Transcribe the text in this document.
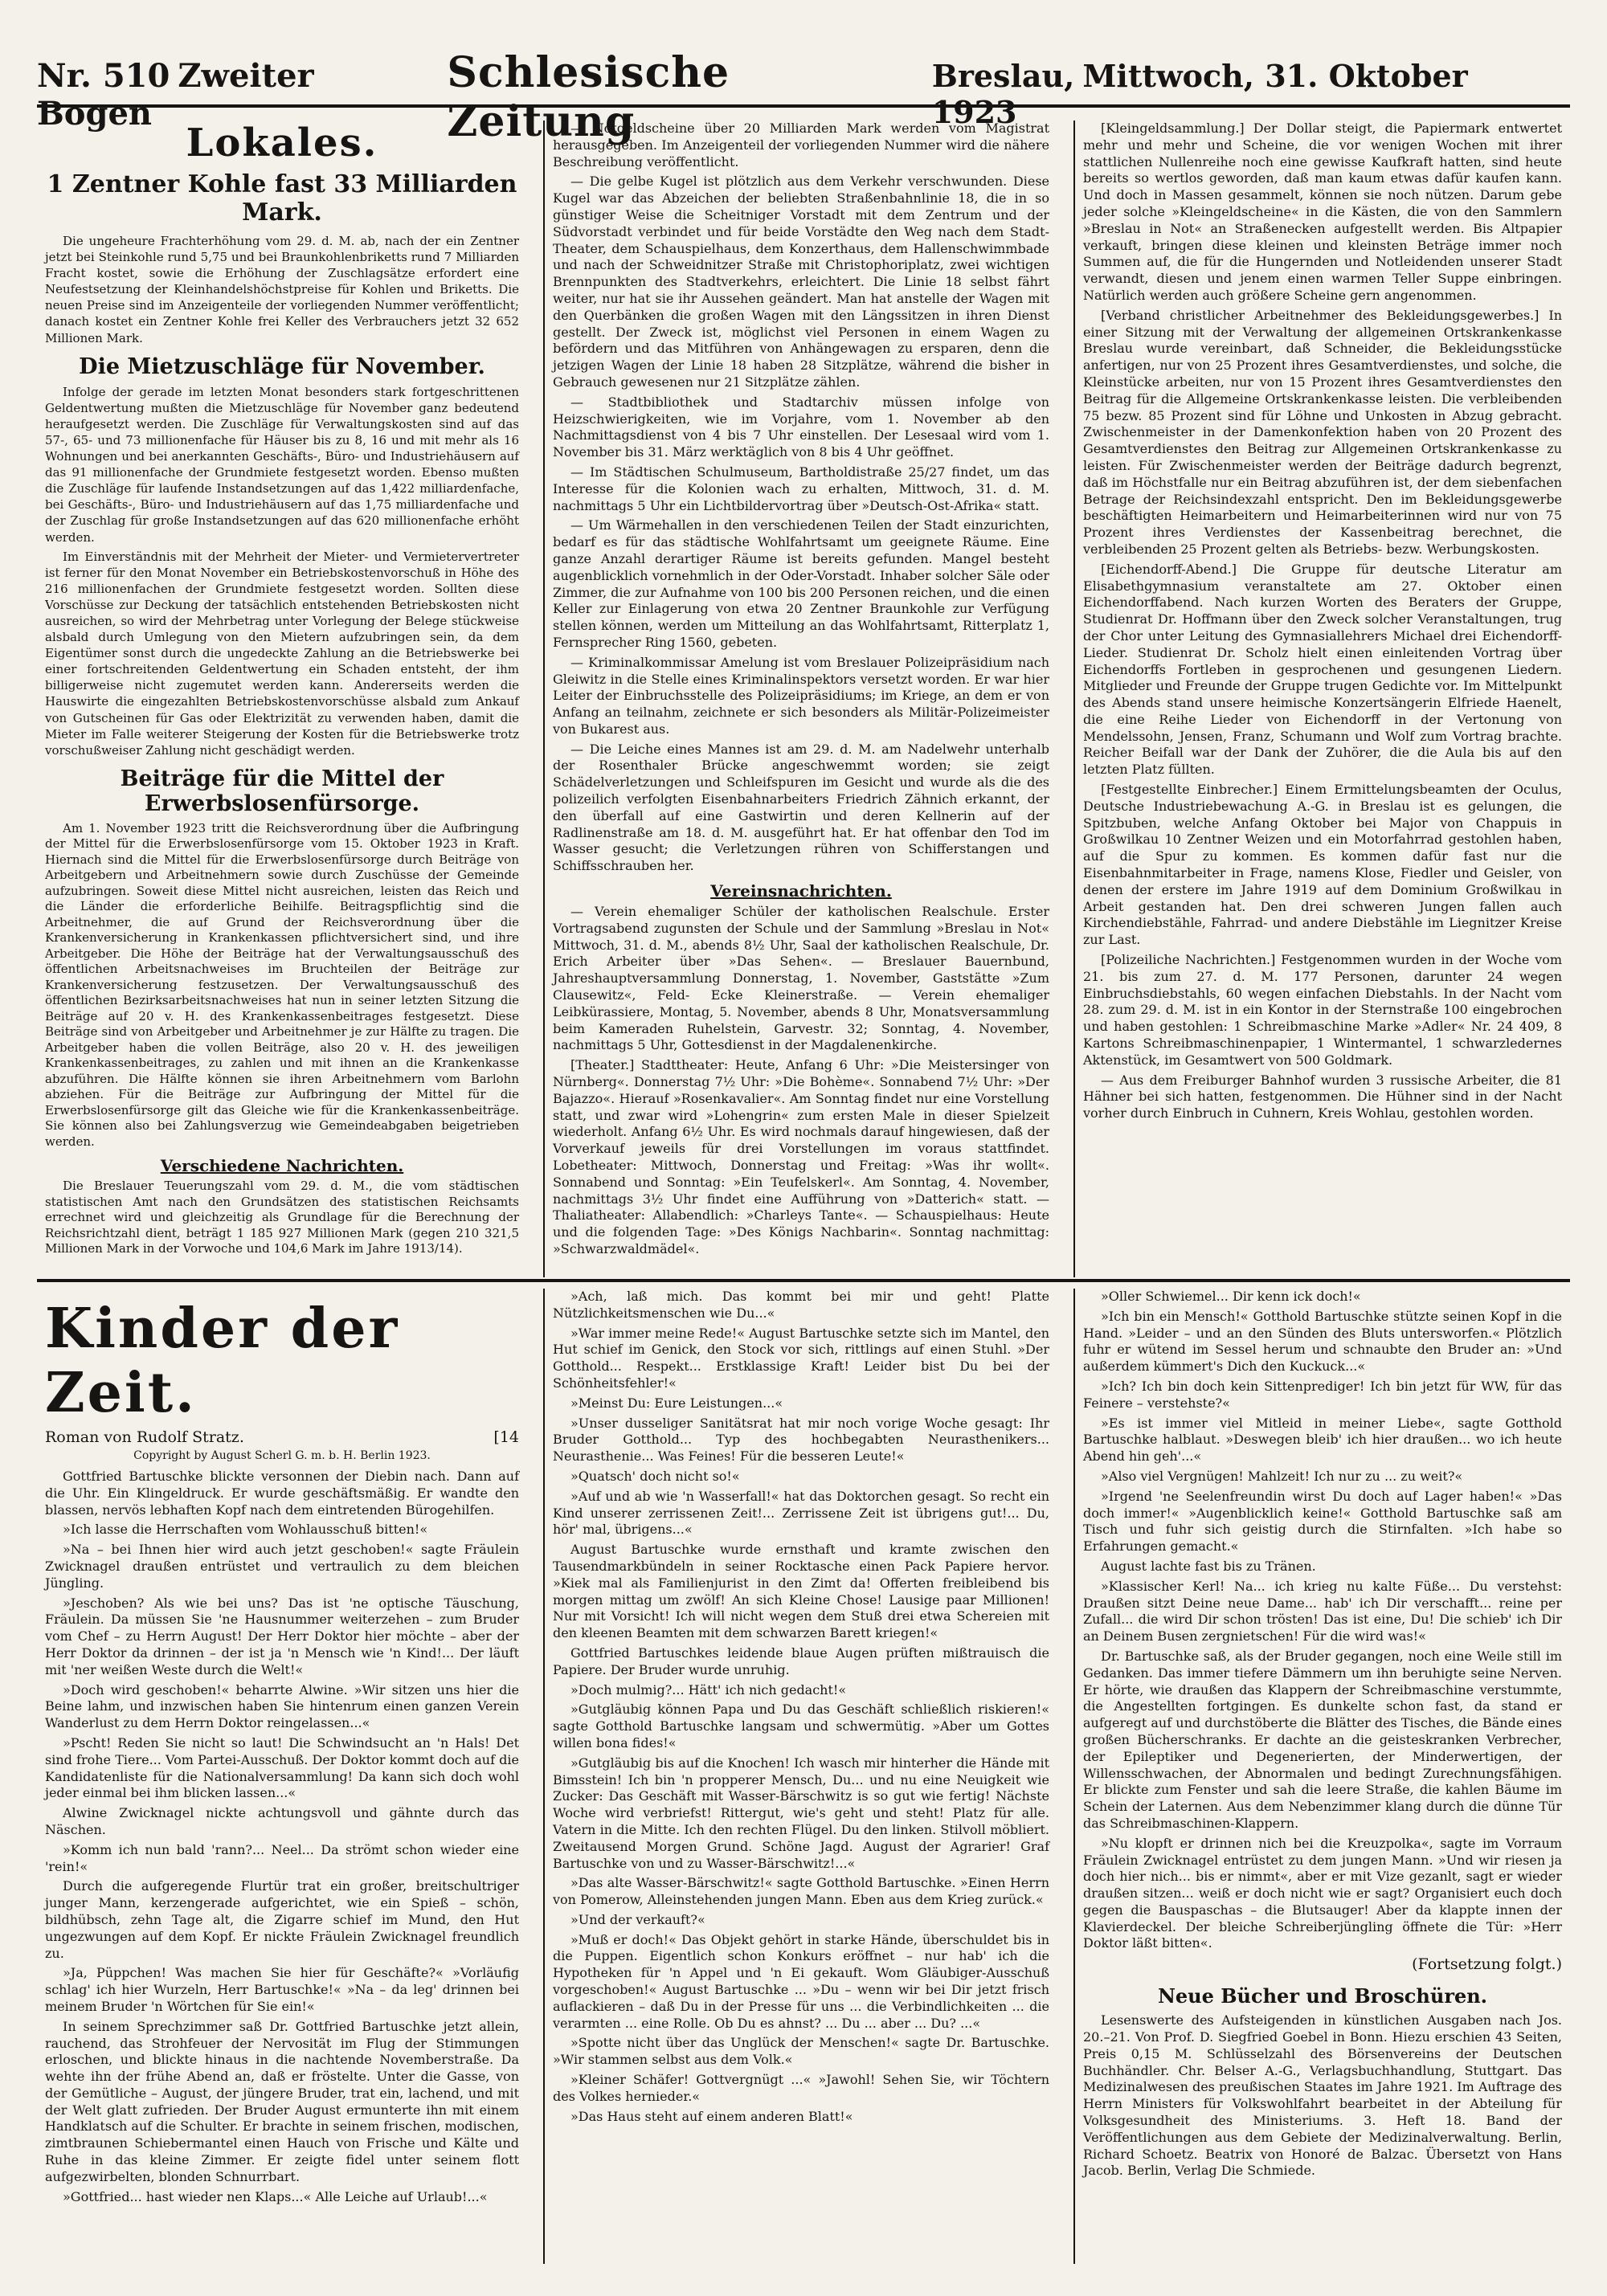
Nr. 510 Zweiter Bogen
Schlesische Zeitung
Breslau, Mittwoch, 31. Oktober 1923
Lokales.
1 Zentner Kohle fast 33 Milliarden Mark.

Die ungeheure Frachterhöhung vom 29. d. M. ab, nach der ein Zentner jetzt bei Steinkohle rund 5,75 und bei Braunkohlenbriketts rund 7 Milliarden Fracht kostet, sowie die Erhöhung der Zuschlagsätze erfordert eine Neufestsetzung der Kleinhandelshöchstpreise für Kohlen und Briketts. Die neuen Preise sind im Anzeigenteile der vorliegenden Nummer veröffentlicht; danach kostet ein Zentner Kohle frei Keller des Verbrauchers jetzt 32 652 Millionen Mark.

Die Mietzuschläge für November.

Infolge der gerade im letzten Monat besonders stark fortgeschrittenen Geldentwertung mußten die Mietzuschläge für November ganz bedeutend heraufgesetzt werden. Die Zuschläge für Verwaltungskosten sind auf das 57-, 65- und 73 millionenfache für Häuser bis zu 8, 16 und mit mehr als 16 Wohnungen und bei anerkannten Geschäfts-, Büro- und Industriehäusern auf das 91 millionenfache der Grundmiete festgesetzt worden. Ebenso mußten die Zuschläge für laufende Instandsetzungen auf das 1,422 milliardenfache, bei Geschäfts-, Büro- und Industriehäusern auf das 1,75 milliardenfache und der Zuschlag für große Instandsetzungen auf das 620 millionenfache erhöht werden.

Im Einverständnis mit der Mehrheit der Mieter- und Vermietervertreter ist ferner für den Monat November ein Betriebskostenvorschuß in Höhe des 216 millionenfachen der Grundmiete festgesetzt worden. Sollten diese Vorschüsse zur Deckung der tatsächlich entstehenden Betriebskosten nicht ausreichen, so wird der Mehrbetrag unter Vorlegung der Belege stückweise alsbald durch Umlegung von den Mietern aufzubringen sein, da dem Eigentümer sonst durch die ungedeckte Zahlung an die Betriebswerke bei einer fortschreitenden Geldentwertung ein Schaden entsteht, der ihm billigerweise nicht zugemutet werden kann. Andererseits werden die Hauswirte die eingezahlten Betriebskostenvorschüsse alsbald zum Ankauf von Gutscheinen für Gas oder Elektrizität zu verwenden haben, damit die Mieter im Falle weiterer Steigerung der Kosten für die Betriebswerke trotz vorschußweiser Zahlung nicht geschädigt werden.

Beiträge für die Mittel der Erwerbslosenfürsorge.

Am 1. November 1923 tritt die Reichsverordnung über die Aufbringung der Mittel für die Erwerbslosenfürsorge vom 15. Oktober 1923 in Kraft. Hiernach sind die Mittel für die Erwerbslosenfürsorge durch Beiträge von Arbeitgebern und Arbeitnehmern sowie durch Zuschüsse der Gemeinde aufzubringen. Soweit diese Mittel nicht ausreichen, leisten das Reich und die Länder die erforderliche Beihilfe. Beitragspflichtig sind die Arbeitnehmer, die auf Grund der Reichsverordnung über die Krankenversicherung in Krankenkassen pflichtversichert sind, und ihre Arbeitgeber. Die Höhe der Beiträge hat der Verwaltungsausschuß des öffentlichen Arbeitsnachweises im Bruchteilen der Beiträge zur Krankenversicherung festzusetzen. Der Verwaltungsausschuß des öffentlichen Bezirksarbeitsnachweises hat nun in seiner letzten Sitzung die Beiträge auf 20 v. H. des Krankenkassenbeitrages festgesetzt. Diese Beiträge sind von Arbeitgeber und Arbeitnehmer je zur Hälfte zu tragen. Die Arbeitgeber haben die vollen Beiträge, also 20 v. H. des jeweiligen Krankenkassenbeitrages, zu zahlen und mit ihnen an die Krankenkasse abzuführen. Die Hälfte können sie ihren Arbeitnehmern vom Barlohn abziehen. Für die Beiträge zur Aufbringung der Mittel für die Erwerbslosenfürsorge gilt das Gleiche wie für die Krankenkassenbeiträge. Sie können also bei Zahlungsverzug wie Gemeindeabgaben beigetrieben werden.

Verschiedene Nachrichten.

Die Breslauer Teuerungszahl vom 29. d. M., die vom städtischen statistischen Amt nach den Grundsätzen des statistischen Reichsamts errechnet wird und gleichzeitig als Grundlage für die Berechnung der Reichsrichtzahl dient, beträgt 1 185 927 Millionen Mark (gegen 210 321,5 Millionen Mark in der Vorwoche und 104,6 Mark im Jahre 1913/14).

— Notgeldscheine über 20 Milliarden Mark werden vom Magistrat herausgegeben. Im Anzeigenteil der vorliegenden Nummer wird die nähere Beschreibung veröffentlicht.

— Die gelbe Kugel ist plötzlich aus dem Verkehr verschwunden. Diese Kugel war das Abzeichen der beliebten Straßenbahnlinie 18, die in so günstiger Weise die Scheitniger Vorstadt mit dem Zentrum und der Südvorstadt verbindet und für beide Vorstädte den Weg nach dem Stadt-Theater, dem Schauspielhaus, dem Konzerthaus, dem Hallenschwimmbade und nach der Schweidnitzer Straße mit Christophoriplatz, zwei wichtigen Brennpunkten des Stadtverkehrs, erleichtert. Die Linie 18 selbst fährt weiter, nur hat sie ihr Aussehen geändert. Man hat anstelle der Wagen mit den Querbänken die großen Wagen mit den Längssitzen in ihren Dienst gestellt. Der Zweck ist, möglichst viel Personen in einem Wagen zu befördern und das Mitführen von Anhängewagen zu ersparen, denn die jetzigen Wagen der Linie 18 haben 28 Sitzplätze, während die bisher in Gebrauch gewesenen nur 21 Sitzplätze zählen.

— Stadtbibliothek und Stadtarchiv müssen infolge von Heizschwierigkeiten, wie im Vorjahre, vom 1. November ab den Nachmittagsdienst von 4 bis 7 Uhr einstellen. Der Lesesaal wird vom 1. November bis 31. März werktäglich von 8 bis 4 Uhr geöffnet.

— Im Städtischen Schulmuseum, Bartholdistraße 25/27 findet, um das Interesse für die Kolonien wach zu erhalten, Mittwoch, 31. d. M. nachmittags 5 Uhr ein Lichtbildervortrag über »Deutsch-Ost-Afrika« statt.

— Um Wärmehallen in den verschiedenen Teilen der Stadt einzurichten, bedarf es für das städtische Wohlfahrtsamt um geeignete Räume. Eine ganze Anzahl derartiger Räume ist bereits gefunden. Mangel besteht augenblicklich vornehmlich in der Oder-Vorstadt. Inhaber solcher Säle oder Zimmer, die zur Aufnahme von 100 bis 200 Personen reichen, und die einen Keller zur Einlagerung von etwa 20 Zentner Braunkohle zur Verfügung stellen können, werden um Mitteilung an das Wohlfahrtsamt, Ritterplatz 1, Fernsprecher Ring 1560, gebeten.

— Kriminalkommissar Amelung ist vom Breslauer Polizeipräsidium nach Gleiwitz in die Stelle eines Kriminalinspektors versetzt worden. Er war hier Leiter der Einbruchsstelle des Polizeipräsidiums; im Kriege, an dem er von Anfang an teilnahm, zeichnete er sich besonders als Militär-Polizeimeister von Bukarest aus.

— Die Leiche eines Mannes ist am 29. d. M. am Nadelwehr unterhalb der Rosenthaler Brücke angeschwemmt worden; sie zeigt Schädelverletzungen und Schleifspuren im Gesicht und wurde als die des polizeilich verfolgten Eisenbahnarbeiters Friedrich Zähnich erkannt, der den überfall auf eine Gastwirtin und deren Kellnerin auf der Radlinenstraße am 18. d. M. ausgeführt hat. Er hat offenbar den Tod im Wasser gesucht; die Verletzungen rühren von Schifferstangen und Schiffsschrauben her.

Vereinsnachrichten.

— Verein ehemaliger Schüler der katholischen Realschule. Erster Vortragsabend zugunsten der Schule und der Sammlung »Breslau in Not« Mittwoch, 31. d. M., abends 8½ Uhr, Saal der katholischen Realschule, Dr. Erich Arbeiter über »Das Sehen«. — Breslauer Bauernbund, Jahreshauptversammlung Donnerstag, 1. November, Gaststätte »Zum Clausewitz«, Feld- Ecke Kleinerstraße. — Verein ehemaliger Leibkürassiere, Montag, 5. November, abends 8 Uhr, Monatsversammlung beim Kameraden Ruhelstein, Garvestr. 32; Sonntag, 4. November, nachmittags 5 Uhr, Gottesdienst in der Magdalenenkirche.

[Theater.] Stadttheater: Heute, Anfang 6 Uhr: »Die Meistersinger von Nürnberg«. Donnerstag 7½ Uhr: »Die Bohème«. Sonnabend 7½ Uhr: »Der Bajazzo«. Hierauf »Rosenkavalier«. Am Sonntag findet nur eine Vorstellung statt, und zwar wird »Lohengrin« zum ersten Male in dieser Spielzeit wiederholt. Anfang 6½ Uhr. Es wird nochmals darauf hingewiesen, daß der Vorverkauf jeweils für drei Vorstellungen im voraus stattfindet. Lobetheater: Mittwoch, Donnerstag und Freitag: »Was ihr wollt«. Sonnabend und Sonntag: »Ein Teufelskerl«. Am Sonntag, 4. November, nachmittags 3½ Uhr findet eine Aufführung von »Datterich« statt. — Thaliatheater: Allabendlich: »Charleys Tante«. — Schauspielhaus: Heute und die folgenden Tage: »Des Königs Nachbarin«. Sonntag nachmittag: »Schwarzwaldmädel«.

[Kleingeldsammlung.] Der Dollar steigt, die Papiermark entwertet mehr und mehr und Scheine, die vor wenigen Wochen mit ihrer stattlichen Nullenreihe noch eine gewisse Kaufkraft hatten, sind heute bereits so wertlos geworden, daß man kaum etwas dafür kaufen kann. Und doch in Massen gesammelt, können sie noch nützen. Darum gebe jeder solche »Kleingeldscheine« in die Kästen, die von den Sammlern »Breslau in Not« an Straßenecken aufgestellt werden. Bis Altpapier verkauft, bringen diese kleinen und kleinsten Beträge immer noch Summen auf, die für die Hungernden und Notleidenden unserer Stadt verwandt, diesen und jenem einen warmen Teller Suppe einbringen. Natürlich werden auch größere Scheine gern angenommen.

[Verband christlicher Arbeitnehmer des Bekleidungsgewerbes.] In einer Sitzung mit der Verwaltung der allgemeinen Ortskrankenkasse Breslau wurde vereinbart, daß Schneider, die Bekleidungsstücke anfertigen, nur von 25 Prozent ihres Gesamtverdienstes, und solche, die Kleinstücke arbeiten, nur von 15 Prozent ihres Gesamtverdienstes den Beitrag für die Allgemeine Ortskrankenkasse leisten. Die verbleibenden 75 bezw. 85 Prozent sind für Löhne und Unkosten in Abzug gebracht. Zwischenmeister in der Damenkonfektion haben von 20 Prozent des Gesamtverdienstes den Beitrag zur Allgemeinen Ortskrankenkasse zu leisten. Für Zwischenmeister werden der Beiträge dadurch begrenzt, daß im Höchstfalle nur ein Beitrag abzuführen ist, der dem siebenfachen Betrage der Reichsindexzahl entspricht. Den im Bekleidungsgewerbe beschäftigten Heimarbeitern und Heimarbeiterinnen wird nur von 75 Prozent ihres Verdienstes der Kassenbeitrag berechnet, die verbleibenden 25 Prozent gelten als Betriebs- bezw. Werbungskosten.

[Eichendorff-Abend.] Die Gruppe für deutsche Literatur am Elisabethgymnasium veranstaltete am 27. Oktober einen Eichendorffabend. Nach kurzen Worten des Beraters der Gruppe, Studienrat Dr. Hoffmann über den Zweck solcher Veranstaltungen, trug der Chor unter Leitung des Gymnasiallehrers Michael drei Eichendorff-Lieder. Studienrat Dr. Scholz hielt einen einleitenden Vortrag über Eichendorffs Fortleben in gesprochenen und gesungenen Liedern. Mitglieder und Freunde der Gruppe trugen Gedichte vor. Im Mittelpunkt des Abends stand unsere heimische Konzertsängerin Elfriede Haenelt, die eine Reihe Lieder von Eichendorff in der Vertonung von Mendelssohn, Jensen, Franz, Schumann und Wolf zum Vortrag brachte. Reicher Beifall war der Dank der Zuhörer, die die Aula bis auf den letzten Platz füllten.

[Festgestellte Einbrecher.] Einem Ermittelungsbeamten der Oculus, Deutsche Industriebewachung A.-G. in Breslau ist es gelungen, die Spitzbuben, welche Anfang Oktober bei Major von Chappuis in Großwilkau 10 Zentner Weizen und ein Motorfahrrad gestohlen haben, auf die Spur zu kommen. Es kommen dafür fast nur die Eisenbahnmitarbeiter in Frage, namens Klose, Fiedler und Geisler, von denen der erstere im Jahre 1919 auf dem Dominium Großwilkau in Arbeit gestanden hat. Den drei schweren Jungen fallen auch Kirchendiebstähle, Fahrrad- und andere Diebstähle im Liegnitzer Kreise zur Last.

[Polizeiliche Nachrichten.] Festgenommen wurden in der Woche vom 21. bis zum 27. d. M. 177 Personen, darunter 24 wegen Einbruchsdiebstahls, 60 wegen einfachen Diebstahls. In der Nacht vom 28. zum 29. d. M. ist in ein Kontor in der Sternstraße 100 eingebrochen und haben gestohlen: 1 Schreibmaschine Marke »Adler« Nr. 24 409, 8 Kartons Schreibmaschinenpapier, 1 Wintermantel, 1 schwarzledernes Aktenstück, im Gesamtwert von 500 Goldmark.

— Aus dem Freiburger Bahnhof wurden 3 russische Arbeiter, die 81 Hähner bei sich hatten, festgenommen. Die Hühner sind in der Nacht vorher durch Einbruch in Cuhnern, Kreis Wohlau, gestohlen worden.

Kinder der Zeit.
Roman von Rudolf Stratz.	[14
Copyright by August Scherl G. m. b. H. Berlin 1923.

Gottfried Bartuschke blickte versonnen der Diebin nach. Dann auf die Uhr. Ein Klingeldruck. Er wurde geschäftsmäßig. Er wandte den blassen, nervös lebhaften Kopf nach dem eintretenden Bürogehilfen.

»Ich lasse die Herrschaften vom Wohlausschuß bitten!«

»Na – bei Ihnen hier wird auch jetzt geschoben!« sagte Fräulein Zwicknagel draußen entrüstet und vertraulich zu dem bleichen Jüngling.

»Jeschoben? Als wie bei uns? Das ist 'ne optische Täuschung, Fräulein. Da müssen Sie 'ne Hausnummer weiterzehen – zum Bruder vom Chef – zu Herrn August! Der Herr Doktor hier möchte – aber der Herr Doktor da drinnen – der ist ja 'n Mensch wie 'n Kind!... Der läuft mit 'ner weißen Weste durch die Welt!«

»Doch wird geschoben!« beharrte Alwine. »Wir sitzen uns hier die Beine lahm, und inzwischen haben Sie hintenrum einen ganzen Verein Wanderlust zu dem Herrn Doktor reingelassen...«

»Pscht! Reden Sie nicht so laut! Die Schwindsucht an 'n Hals! Det sind frohe Tiere... Vom Partei-Ausschuß. Der Doktor kommt doch auf die Kandidatenliste für die Nationalversammlung! Da kann sich doch wohl jeder einmal bei ihm blicken lassen...«

Alwine Zwicknagel nickte achtungsvoll und gähnte durch das Näschen.

»Komm ich nun bald 'rann?... Neel... Da strömt schon wieder eine 'rein!«

Durch die aufgeregende Flurtür trat ein großer, breitschultriger junger Mann, kerzengerade aufgerichtet, wie ein Spieß – schön, bildhübsch, zehn Tage alt, die Zigarre schief im Mund, den Hut ungezwungen auf dem Kopf. Er nickte Fräulein Zwicknagel freundlich zu.

»Ja, Püppchen! Was machen Sie hier für Geschäfte?« »Vorläufig schlag' ich hier Wurzeln, Herr Bartuschke!« »Na – da leg' drinnen bei meinem Bruder 'n Wörtchen für Sie ein!«

In seinem Sprechzimmer saß Dr. Gottfried Bartuschke jetzt allein, rauchend, das Strohfeuer der Nervosität im Flug der Stimmungen erloschen, und blickte hinaus in die nachtende Novemberstraße. Da wehte ihn der frühe Abend an, daß er fröstelte. Unter die Gasse, von der Gemütliche – August, der jüngere Bruder, trat ein, lachend, und mit der Welt glatt zufrieden. Der Bruder August ermunterte ihn mit einem Handklatsch auf die Schulter. Er brachte in seinem frischen, modischen, zimtbraunen Schiebermantel einen Hauch von Frische und Kälte und Ruhe in das kleine Zimmer. Er zeigte fidel unter seinem flott aufgezwirbelten, blonden Schnurrbart.

»Gottfried... hast wieder nen Klaps...« Alle Leiche auf Urlaub!...«

»Ach, laß mich. Das kommt bei mir und geht! Platte Nützlichkeitsmenschen wie Du...«

»War immer meine Rede!« August Bartuschke setzte sich im Mantel, den Hut schief im Genick, den Stock vor sich, rittlings auf einen Stuhl. »Der Gotthold... Respekt... Erstklassige Kraft! Leider bist Du bei der Schönheitsfehler!«

»Meinst Du: Eure Leistungen...«

»Unser dusseliger Sanitätsrat hat mir noch vorige Woche gesagt: Ihr Bruder Gotthold... Typ des hochbegabten Neurasthenikers... Neurasthenie... Was Feines! Für die besseren Leute!«

»Quatsch' doch nicht so!«

»Auf und ab wie 'n Wasserfall!« hat das Doktorchen gesagt. So recht ein Kind unserer zerrissenen Zeit!... Zerrissene Zeit ist übrigens gut!... Du, hör' mal, übrigens...«

August Bartuschke wurde ernsthaft und kramte zwischen den Tausendmarkbündeln in seiner Rocktasche einen Pack Papiere hervor. »Kiek mal als Familienjurist in den Zimt da! Offerten freibleibend bis morgen mittag um zwölf! An sich Kleine Chose! Lausige paar Millionen! Nur mit Vorsicht! Ich will nicht wegen dem Stuß drei etwa Schereien mit den kleenen Beamten mit dem schwarzen Barett kriegen!«

Gottfried Bartuschkes leidende blaue Augen prüften mißtrauisch die Papiere. Der Bruder wurde unruhig.

»Doch mulmig?... Hätt' ich nich gedacht!«

»Gutgläubig können Papa und Du das Geschäft schließlich riskieren!« sagte Gotthold Bartuschke langsam und schwermütig. »Aber um Gottes willen bona fides!«

»Gutgläubig bis auf die Knochen! Ich wasch mir hinterher die Hände mit Bimsstein! Ich bin 'n propperer Mensch, Du... und nu eine Neuigkeit wie Zucker: Das Geschäft mit Wasser-Bärschwitz is so gut wie fertig! Nächste Woche wird verbriefst! Rittergut, wie's geht und steht! Platz für alle. Vatern in die Mitte. Ich den rechten Flügel. Du den linken. Stilvoll möbliert. Zweitausend Morgen Grund. Schöne Jagd. August der Agrarier! Graf Bartuschke von und zu Wasser-Bärschwitz!...«

»Das alte Wasser-Bärschwitz!« sagte Gotthold Bartuschke. »Einen Herrn von Pomerow, Alleinstehenden jungen Mann. Eben aus dem Krieg zurück.«

»Und der verkauft?«

»Muß er doch!« Das Objekt gehört in starke Hände, überschuldet bis in die Puppen. Eigentlich schon Konkurs eröffnet – nur hab' ich die Hypotheken für 'n Appel und 'n Ei gekauft. Wom Gläubiger-Ausschuß vorgeschoben!« August Bartuschke ... »Du – wenn wir bei Dir jetzt frisch auflackieren – daß Du in der Presse für uns ... die Verbindlichkeiten ... die verarmten ... eine Rolle. Ob Du es ahnst? ... Du ... aber ... Du? ...«

»Spotte nicht über das Unglück der Menschen!« sagte Dr. Bartuschke. »Wir stammen selbst aus dem Volk.«

»Kleiner Schäfer! Gottvergnügt ...« »Jawohl! Sehen Sie, wir Töchtern des Volkes hernieder.«

»Das Haus steht auf einem anderen Blatt!«

»Oller Schwiemel... Dir kenn ick doch!«

»Ich bin ein Mensch!« Gotthold Bartuschke stützte seinen Kopf in die Hand. »Leider – und an den Sünden des Bluts untersworfen.« Plötzlich fuhr er wütend im Sessel herum und schnaubte den Bruder an: »Und außerdem kümmert's Dich den Kuckuck...«

»Ich? Ich bin doch kein Sittenprediger! Ich bin jetzt für WW, für das Feinere – verstehste?«

»Es ist immer viel Mitleid in meiner Liebe«, sagte Gotthold Bartuschke halblaut. »Deswegen bleib' ich hier draußen... wo ich heute Abend hin geh'...«

»Also viel Vergnügen! Mahlzeit! Ich nur zu ... zu weit?«

»Irgend 'ne Seelenfreundin wirst Du doch auf Lager haben!« »Das doch immer!« »Augenblicklich keine!« Gotthold Bartuschke saß am Tisch und fuhr sich geistig durch die Stirnfalten. »Ich habe so Erfahrungen gemacht.«

August lachte fast bis zu Tränen.

»Klassischer Kerl! Na... ich krieg nu kalte Füße... Du verstehst: Draußen sitzt Deine neue Dame... hab' ich Dir verschafft... reine per Zufall... die wird Dir schon trösten! Das ist eine, Du! Die schieb' ich Dir an Deinem Busen zergnietschen! Für die wird was!«

Dr. Bartuschke saß, als der Bruder gegangen, noch eine Weile still im Gedanken. Das immer tiefere Dämmern um ihn beruhigte seine Nerven. Er hörte, wie draußen das Klappern der Schreibmaschine verstummte, die Angestellten fortgingen. Es dunkelte schon fast, da stand er aufgeregt auf und durchstöberte die Blätter des Tisches, die Bände eines großen Bücherschranks. Er dachte an die geisteskranken Verbrecher, der Epileptiker und Degenerierten, der Minderwertigen, der Willensschwachen, der Abnormalen und bedingt Zurechnungsfähigen. Er blickte zum Fenster und sah die leere Straße, die kahlen Bäume im Schein der Laternen. Aus dem Nebenzimmer klang durch die dünne Tür das Schreibmaschinen-Klappern.

»Nu klopft er drinnen nich bei die Kreuzpolka«, sagte im Vorraum Fräulein Zwicknagel entrüstet zu dem jungen Mann. »Und wir riesen ja doch hier nich... bis er nimmt«, aber er mit Vize gezanlt, sagt er wieder draußen sitzen... weiß er doch nicht wie er sagt? Organisiert euch doch gegen die Bauspaschas – die Blutsauger! Aber da klappte innen der Klavierdeckel. Der bleiche Schreiberjüngling öffnete die Tür: »Herr Doktor läßt bitten«.

(Fortsetzung folgt.)
Neue Bücher und Broschüren.

Lesenswerte des Aufsteigenden in künstlichen Ausgaben nach Jos. 20.–21. Von Prof. D. Siegfried Goebel in Bonn. Hiezu erschien 43 Seiten, Preis 0,15 M. Schlüsselzahl des Börsenvereins der Deutschen Buchhändler. Chr. Belser A.-G., Verlagsbuchhandlung, Stuttgart. Das Medizinalwesen des preußischen Staates im Jahre 1921. Im Auftrage des Herrn Ministers für Volkswohlfahrt bearbeitet in der Abteilung für Volksgesundheit des Ministeriums. 3. Heft 18. Band der Veröffentlichungen aus dem Gebiete der Medizinalverwaltung. Berlin, Richard Schoetz. Beatrix von Honoré de Balzac. Übersetzt von Hans Jacob. Berlin, Verlag Die Schmiede.
